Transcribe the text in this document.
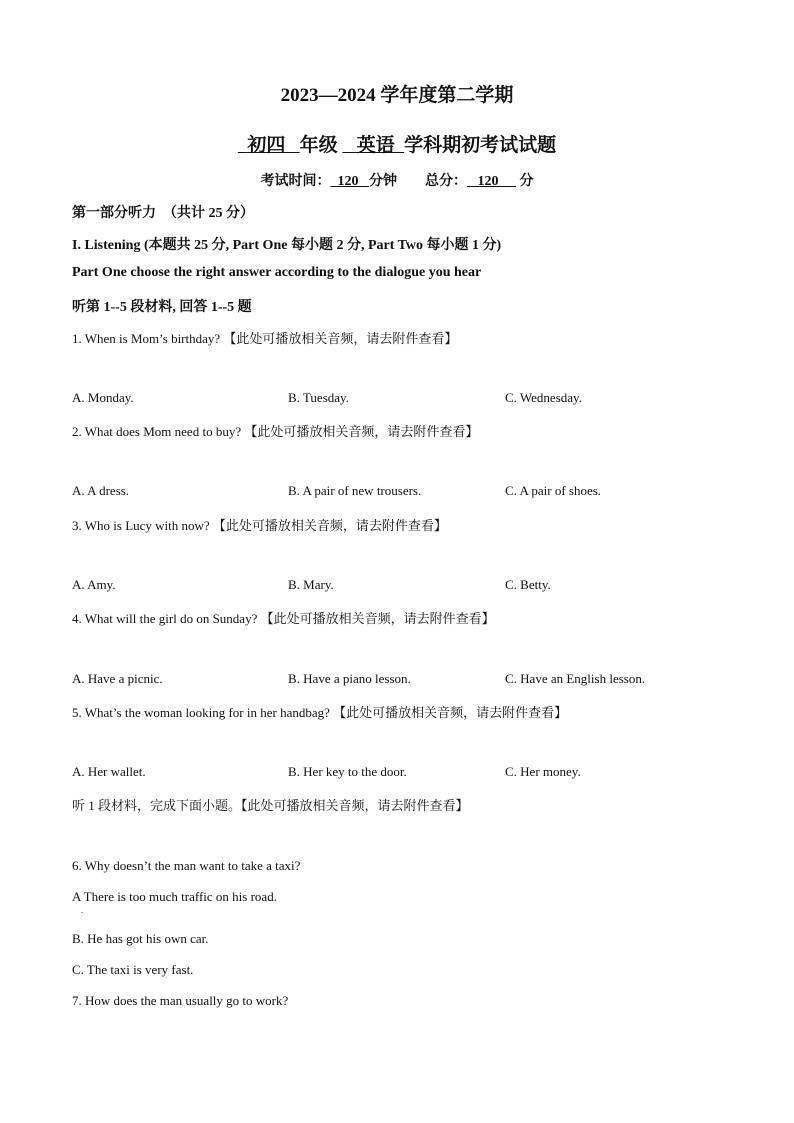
2023—2024 学年度第二学期
初四 年级 英语 学科期初考试试题
考试时间： 120 分钟 总分： 120 分
第一部分听力　（共计 25 分）
I. Listening (本题共 25 分, Part One 每小题 2 分, Part Two 每小题 1 分)
Part One choose the right answer according to the dialogue you hear
听第 1--5 段材料, 回答 1--5 题
1. When is Mom’s birthday? 【此处可播放相关音频，请去附件查看】
A. Monday.	B. Tuesday.	C. Wednesday.
2. What does Mom need to buy? 【此处可播放相关音频，请去附件查看】
A. A dress.	B. A pair of new trousers.	C. A pair of shoes.
3. Who is Lucy with now? 【此处可播放相关音频，请去附件查看】
A. Amy.	B. Mary.	C. Betty.
4. What will the girl do on Sunday? 【此处可播放相关音频，请去附件查看】
A. Have a picnic.	B. Have a piano lesson.	C. Have an English lesson.
5. What’s the woman looking for in her handbag? 【此处可播放相关音频，请去附件查看】
A. Her wallet.	B. Her key to the door.	C. Her money.
听 1 段材料，完成下面小题。【此处可播放相关音频，请去附件查看】
6. Why doesn’t the man want to take a taxi?
A There is too much traffic on his road.
.
B. He has got his own car.
C. The taxi is very fast.
7. How does the man usually go to work?
